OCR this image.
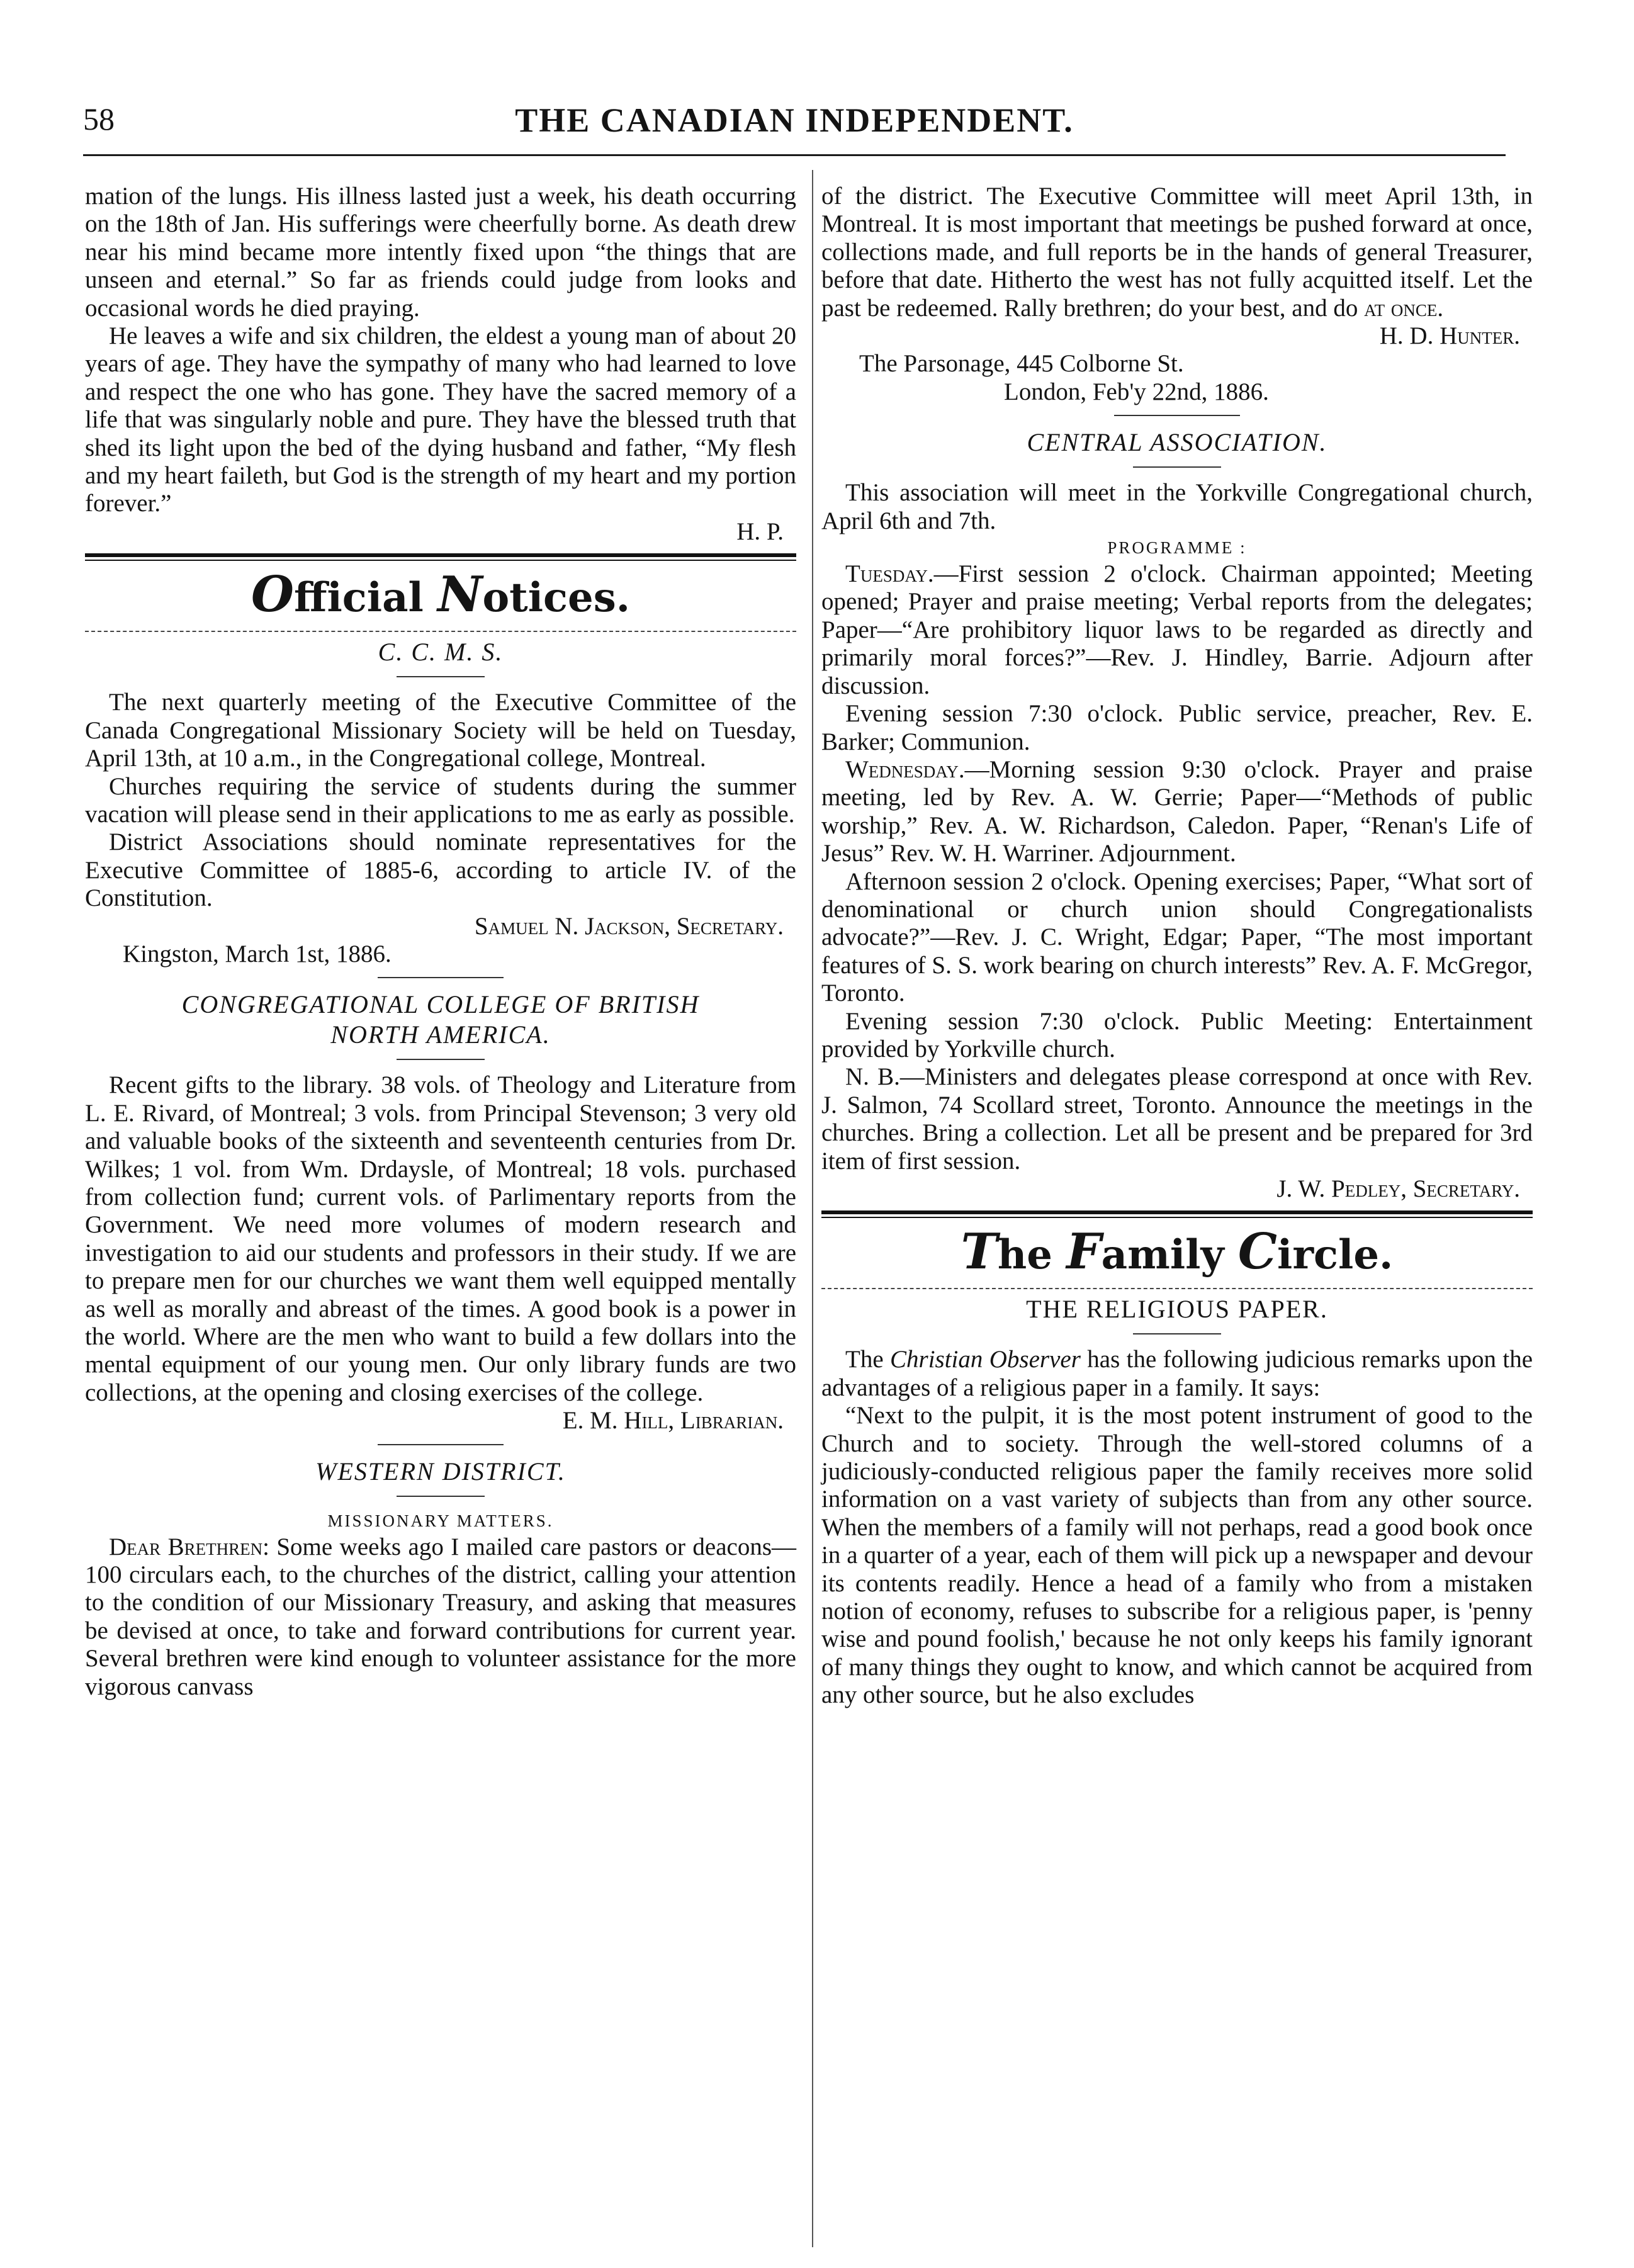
58	THE CANADIAN INDEPENDENT.

mation of the lungs. His illness lasted just a week, his death occurring on the 18th of Jan. His sufferings were cheerfully borne. As death drew near his mind became more intently fixed upon “the things that are unseen and eternal.” So far as friends could judge from looks and occasional words he died praying.

He leaves a wife and six children, the eldest a young man of about 20 years of age. They have the sympathy of many who had learned to love and respect the one who has gone. They have the sacred memory of a life that was singularly noble and pure. They have the blessed truth that shed its light upon the bed of the dying husband and father, “My flesh and my heart faileth, but God is the strength of my heart and my portion forever.”

H. P.

Official Notices.

C. C. M. S.

The next quarterly meeting of the Executive Committee of the Canada Congregational Missionary Society will be held on Tuesday, April 13th, at 10 a.m., in the Congregational college, Montreal.

Churches requiring the service of students during the summer vacation will please send in their applications to me as early as possible.

District Associations should nominate representatives for the Executive Committee of 1885-6, according to article IV. of the Constitution.

Samuel N. Jackson, Secretary.

Kingston, March 1st, 1886.

CONGREGATIONAL COLLEGE OF BRITISH

NORTH AMERICA.

Recent gifts to the library. 38 vols. of Theology and Literature from L. E. Rivard, of Montreal; 3 vols. from Principal Stevenson; 3 very old and valuable books of the sixteenth and seventeenth centuries from Dr. Wilkes; 1 vol. from Wm. Drdaysle, of Montreal; 18 vols. purchased from collection fund; current vols. of Parlimentary reports from the Government. We need more volumes of modern research and investigation to aid our students and professors in their study. If we are to prepare men for our churches we want them well equipped mentally as well as morally and abreast of the times. A good book is a power in the world. Where are the men who want to build a few dollars into the mental equipment of our young men. Our only library funds are two collections, at the opening and closing exercises of the college.

E. M. Hill, Librarian.

WESTERN DISTRICT.

MISSIONARY MATTERS.

Dear Brethren: Some weeks ago I mailed care pastors or deacons—100 circulars each, to the churches of the district, calling your attention to the condition of our Missionary Treasury, and asking that measures be devised at once, to take and forward contributions for current year. Several brethren were kind enough to volunteer assistance for the more vigorous canvass

of the district. The Executive Committee will meet April 13th, in Montreal. It is most important that meetings be pushed forward at once, collections made, and full reports be in the hands of general Treasurer, before that date. Hitherto the west has not fully acquitted itself. Let the past be redeemed. Rally brethren; do your best, and do at once.

H. D. Hunter.

The Parsonage, 445 Colborne St.

London, Feb'y 22nd, 1886.

CENTRAL ASSOCIATION.

This association will meet in the Yorkville Congregational church, April 6th and 7th.

PROGRAMME :

Tuesday.—First session 2 o'clock. Chairman appointed; Meeting opened; Prayer and praise meeting; Verbal reports from the delegates; Paper—“Are prohibitory liquor laws to be regarded as directly and primarily moral forces?”—Rev. J. Hindley, Barrie. Adjourn after discussion.

Evening session 7:30 o'clock. Public service, preacher, Rev. E. Barker; Communion.

Wednesday.—Morning session 9:30 o'clock. Prayer and praise meeting, led by Rev. A. W. Gerrie; Paper—“Methods of public worship,” Rev. A. W. Richardson, Caledon. Paper, “Renan's Life of Jesus” Rev. W. H. Warriner. Adjournment.

Afternoon session 2 o'clock. Opening exercises; Paper, “What sort of denominational or church union should Congregationalists advocate?”—Rev. J. C. Wright, Edgar; Paper, “The most important features of S. S. work bearing on church interests” Rev. A. F. McGregor, Toronto.

Evening session 7:30 o'clock. Public Meeting: Entertainment provided by Yorkville church.

N. B.—Ministers and delegates please correspond at once with Rev. J. Salmon, 74 Scollard street, Toronto. Announce the meetings in the churches. Bring a collection. Let all be present and be prepared for 3rd item of first session.

J. W. Pedley, Secretary.

The Family Circle.

THE RELIGIOUS PAPER.

The Christian Observer has the following judicious remarks upon the advantages of a religious paper in a family. It says:

“Next to the pulpit, it is the most potent instrument of good to the Church and to society. Through the well-stored columns of a judiciously-conducted religious paper the family receives more solid information on a vast variety of subjects than from any other source. When the members of a family will not perhaps, read a good book once in a quarter of a year, each of them will pick up a newspaper and devour its contents readily. Hence a head of a family who from a mistaken notion of economy, refuses to subscribe for a religious paper, is 'penny wise and pound foolish,' because he not only keeps his family ignorant of many things they ought to know, and which cannot be acquired from any other source, but he also excludes
